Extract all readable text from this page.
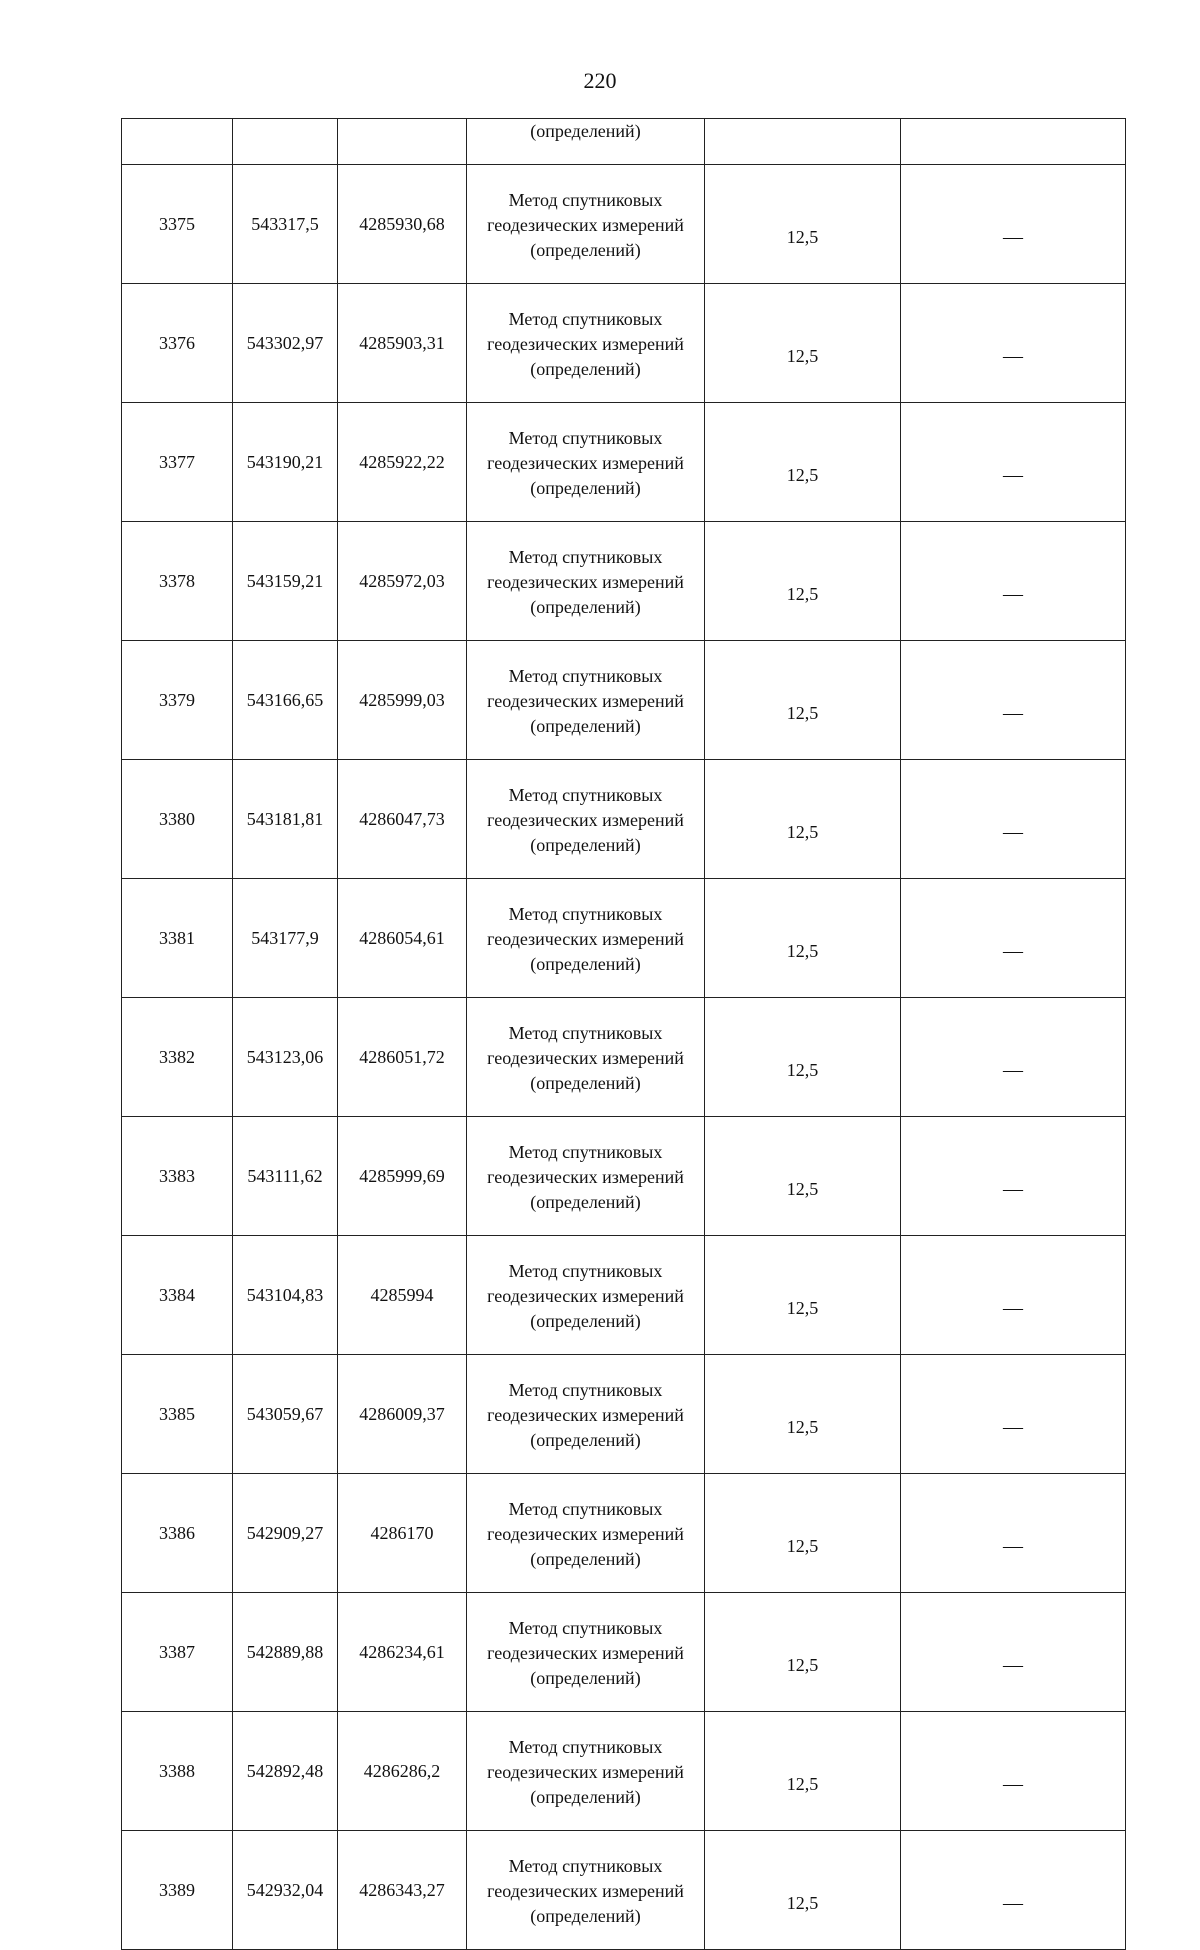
220
			(определений)		
3375	543317,5	4285930,68	Метод спутниковых
геодезических измерений
(определений)	12,5	—
3376	543302,97	4285903,31	Метод спутниковых
геодезических измерений
(определений)	12,5	—
3377	543190,21	4285922,22	Метод спутниковых
геодезических измерений
(определений)	12,5	—
3378	543159,21	4285972,03	Метод спутниковых
геодезических измерений
(определений)	12,5	—
3379	543166,65	4285999,03	Метод спутниковых
геодезических измерений
(определений)	12,5	—
3380	543181,81	4286047,73	Метод спутниковых
геодезических измерений
(определений)	12,5	—
3381	543177,9	4286054,61	Метод спутниковых
геодезических измерений
(определений)	12,5	—
3382	543123,06	4286051,72	Метод спутниковых
геодезических измерений
(определений)	12,5	—
3383	543111,62	4285999,69	Метод спутниковых
геодезических измерений
(определений)	12,5	—
3384	543104,83	4285994	Метод спутниковых
геодезических измерений
(определений)	12,5	—
3385	543059,67	4286009,37	Метод спутниковых
геодезических измерений
(определений)	12,5	—
3386	542909,27	4286170	Метод спутниковых
геодезических измерений
(определений)	12,5	—
3387	542889,88	4286234,61	Метод спутниковых
геодезических измерений
(определений)	12,5	—
3388	542892,48	4286286,2	Метод спутниковых
геодезических измерений
(определений)	12,5	—
3389	542932,04	4286343,27	Метод спутниковых
геодезических измерений
(определений)	12,5	—
